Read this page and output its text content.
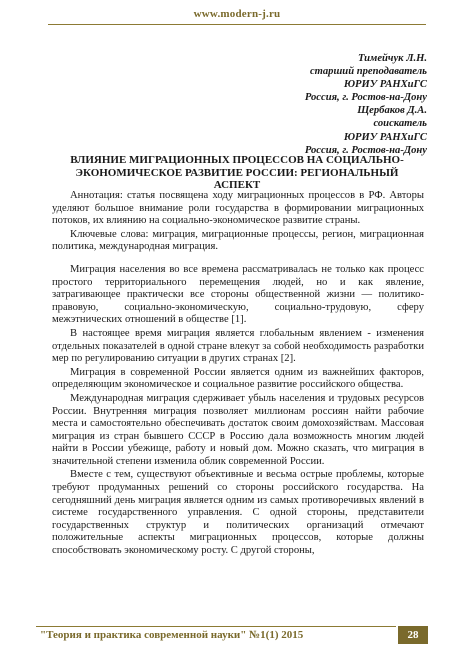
www.modern-j.ru
Тимейчук Л.Н.
старший преподаватель
ЮРИУ РАНХиГС
Россия, г. Ростов-на-Дону
Щербаков Д.А.
соискатель
ЮРИУ РАНХиГС
Россия, г. Ростов-на-Дону
ВЛИЯНИЕ МИГРАЦИОННЫХ ПРОЦЕССОВ НА СОЦИАЛЬНО-ЭКОНОМИЧЕСКОЕ РАЗВИТИЕ РОССИИ: РЕГИОНАЛЬНЫЙ АСПЕКТ

Аннотация: статья посвящена ходу миграционных процессов в РФ. Авторы уделяют большое внимание роли государства в формировании миграционных потоков, их влиянию на социально-экономическое развитие страны.

Ключевые слова: миграция, миграционные процессы, регион, миграционная политика, международная миграция.

Миграция населения во все времена рассматривалась не только как процесс простого территориального перемещения людей, но и как явление, затрагивающее практически все стороны общественной жизни — политико-правовую, социально-экономическую, социально-трудовую, сферу межэтнических отношений в обществе [1].

В настоящее время миграция является глобальным явлением - изменения отдельных показателей в одной стране влекут за собой необходимость разработки мер по регулированию ситуации в других странах [2].

Миграция в современной России является одним из важнейших факторов, определяющим экономическое и социальное развитие российского общества.

Международная миграция сдерживает убыль населения и трудовых ресурсов России. Внутренняя миграция позволяет миллионам россиян найти рабочие места и самостоятельно обеспечивать достаток своим домохозяйствам. Массовая миграция из стран бывшего СССР в Россию дала возможность многим людей найти в России убежище, работу и новый дом. Можно сказать, что миграция в значительной степени изменила облик современной России.

Вместе с тем, существуют объективные и весьма острые проблемы, которые требуют продуманных решений со стороны российского государства. На сегодняшний день миграция является одним из самых противоречивых явлений в системе государственного управления. С одной стороны, представители государственных структур и политических организаций отмечают положительные аспекты миграционных процессов, которые должны способствовать экономическому росту. С другой стороны,

"Теория и практика современной науки" №1(1) 2015	28
